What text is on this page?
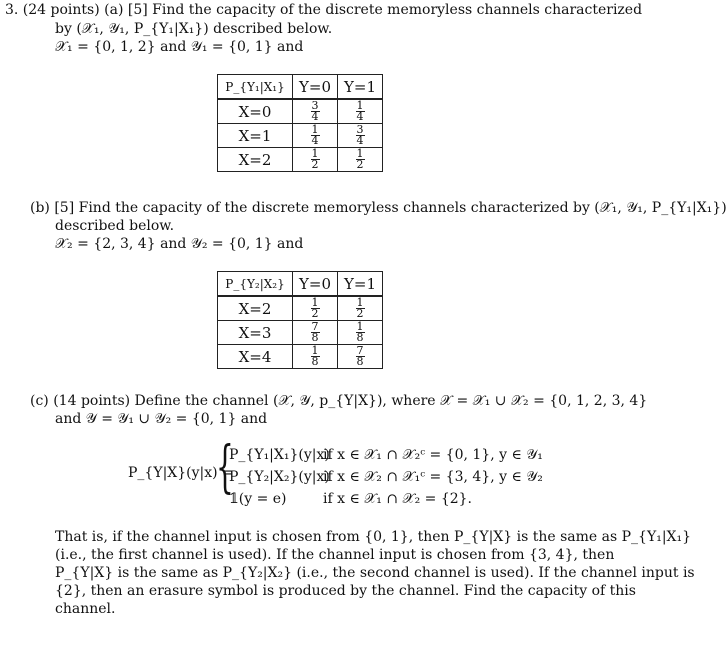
3. (24 points) (a) [5] Find the capacity of the discrete memoryless channels characterized
by (𝒳₁, 𝒴₁, P_{Y₁|X₁}) described below.
𝒳₁ = {0, 1, 2} and 𝒴₁ = {0, 1} and
P_{Y₁|X₁}	Y=0	Y=1
X=0	$\frac{3}{4}$	$\frac{1}{4}$

X=1	$\frac{1}{4}$	$\frac{3}{4}$

X=2	$\frac{1}{2}$	$\frac{1}{2}$
(b) [5] Find the capacity of the discrete memoryless channels characterized by (𝒳₁, 𝒴₁, P_{Y₁|X₁})
described below.
𝒳₂ = {2, 3, 4} and 𝒴₂ = {0, 1} and
P_{Y₂|X₂}	Y=0	Y=1
X=2	$\frac{1}{2}$	$\frac{1}{2}$

X=3	$\frac{7}{8}$	$\frac{1}{8}$

X=4	$\frac{1}{8}$	$\frac{7}{8}$
(c) (14 points) Define the channel (𝒳, 𝒴, p_{Y|X}), where 𝒳 = 𝒳₁ ∪ 𝒳₂ = {0, 1, 2, 3, 4}
and 𝒴 = 𝒴₁ ∪ 𝒴₂ = {0, 1} and
P_{Y|X}(y|x) =
{
P_{Y₁|X₁}(y|x)
if x ∈ 𝒳₁ ∩ 𝒳₂ᶜ = {0, 1}, y ∈ 𝒴₁
P_{Y₂|X₂}(y|x)
if x ∈ 𝒳₂ ∩ 𝒳₁ᶜ = {3, 4}, y ∈ 𝒴₂
𝟙(y = e)	if x ∈ 𝒳₁ ∩ 𝒳₂ = {2}.
That is, if the channel input is chosen from {0, 1}, then P_{Y|X} is the same as P_{Y₁|X₁}
(i.e., the first channel is used). If the channel input is chosen from {3, 4}, then
P_{Y|X} is the same as P_{Y₂|X₂} (i.e., the second channel is used). If the channel input is
{2}, then an erasure symbol is produced by the channel. Find the capacity of this
channel.
